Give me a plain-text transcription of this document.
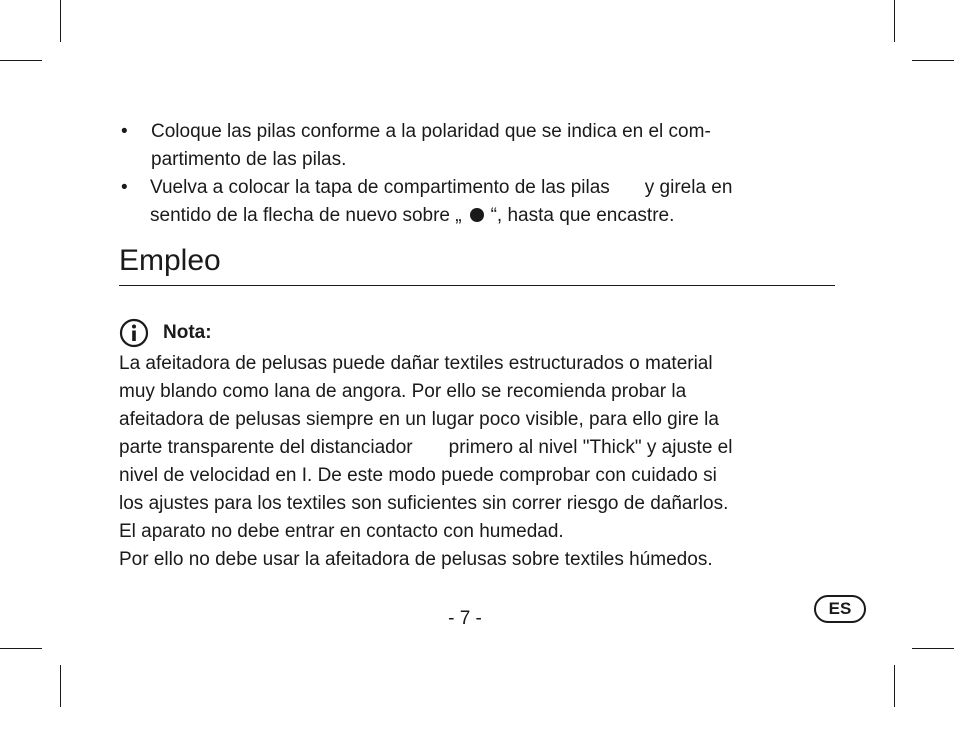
• Coloque las pilas conforme a la polaridad que se indica en el com-
partimento de las pilas.
• Vuelva a colocar la tapa de compartimento de las pilas y girela en
sentido de la flecha de nuevo sobre „ “, hasta que encastre.
Empleo
Nota:
La afeitadora de pelusas puede dañar textiles estructurados o material
muy blando como lana de angora. Por ello se recomienda probar la
afeitadora de pelusas siempre en un lugar poco visible, para ello gire la
parte transparente del distanciador primero al nivel "Thick" y ajuste el
nivel de velocidad en I. De este modo puede comprobar con cuidado si
los ajustes para los textiles son suficientes sin correr riesgo de dañarlos.
El aparato no debe entrar en contacto con humedad.
Por ello no debe usar la afeitadora de pelusas sobre textiles húmedos.
- 7 -	ES
